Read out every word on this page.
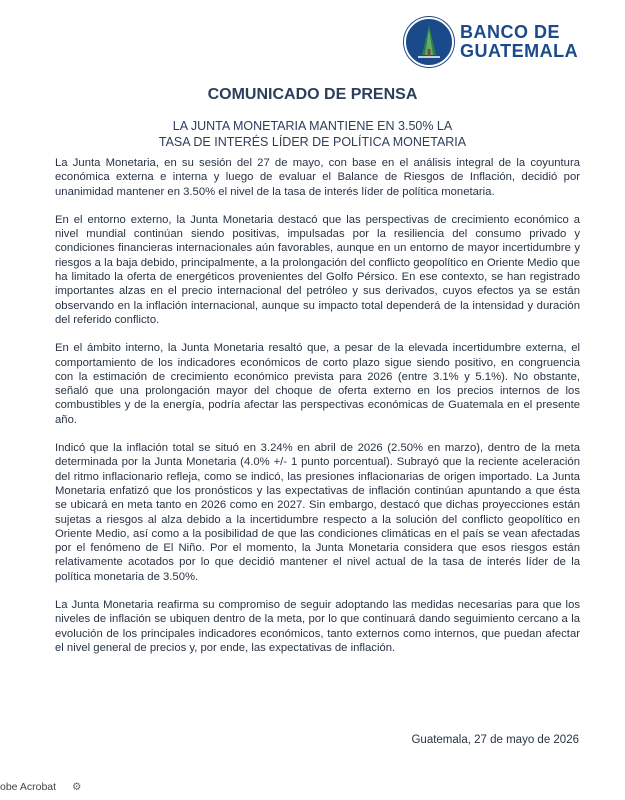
BANCO DE
GUATEMALA
COMUNICADO DE PRENSA
LA JUNTA MONETARIA MANTIENE EN 3.50% LA
TASA DE INTERÉS LÍDER DE POLÍTICA MONETARIA

La Junta Monetaria, en su sesión del 27 de mayo, con base en el análisis integral de la coyuntura económica externa e interna y luego de evaluar el Balance de Riesgos de Inflación, decidió por unanimidad mantener en 3.50% el nivel de la tasa de interés líder de política monetaria.

En el entorno externo, la Junta Monetaria destacó que las perspectivas de crecimiento económico a nivel mundial continúan siendo positivas, impulsadas por la resiliencia del consumo privado y condiciones financieras internacionales aún favorables, aunque en un entorno de mayor incertidumbre y riesgos a la baja debido, principalmente, a la prolongación del conflicto geopolítico en Oriente Medio que ha limitado la oferta de energéticos provenientes del Golfo Pérsico. En ese contexto, se han registrado importantes alzas en el precio internacional del petróleo y sus derivados, cuyos efectos ya se están observando en la inflación internacional, aunque su impacto total dependerá de la intensidad y duración del referido conflicto.

En el ámbito interno, la Junta Monetaria resaltó que, a pesar de la elevada incertidumbre externa, el comportamiento de los indicadores económicos de corto plazo sigue siendo positivo, en congruencia con la estimación de crecimiento económico prevista para 2026 (entre 3.1% y 5.1%). No obstante, señaló que una prolongación mayor del choque de oferta externo en los precios internos de los combustibles y de la energía, podría afectar las perspectivas económicas de Guatemala en el presente año.

Indicó que la inflación total se situó en 3.24% en abril de 2026 (2.50% en marzo), dentro de la meta determinada por la Junta Monetaria (4.0% +/- 1 punto porcentual). Subrayó que la reciente aceleración del ritmo inflacionario refleja, como se indicó, las presiones inflacionarias de origen importado. La Junta Monetaria enfatizó que los pronósticos y las expectativas de inflación continúan apuntando a que ésta se ubicará en meta tanto en 2026 como en 2027. Sin embargo, destacó que dichas proyecciones están sujetas a riesgos al alza debido a la incertidumbre respecto a la solución del conflicto geopolítico en Oriente Medio, así como a la posibilidad de que las condiciones climáticas en el país se vean afectadas por el fenómeno de El Niño. Por el momento, la Junta Monetaria considera que esos riesgos están relativamente acotados por lo que decidió mantener el nivel actual de la tasa de interés líder de la política monetaria de 3.50%.

La Junta Monetaria reafirma su compromiso de seguir adoptando las medidas necesarias para que los niveles de inflación se ubiquen dentro de la meta, por lo que continuará dando seguimiento cercano a la evolución de los principales indicadores económicos, tanto externos como internos, que puedan afectar el nivel general de precios y, por ende, las expectativas de inflación.

Guatemala, 27 de mayo de 2026
obe Acrobat ⚙
